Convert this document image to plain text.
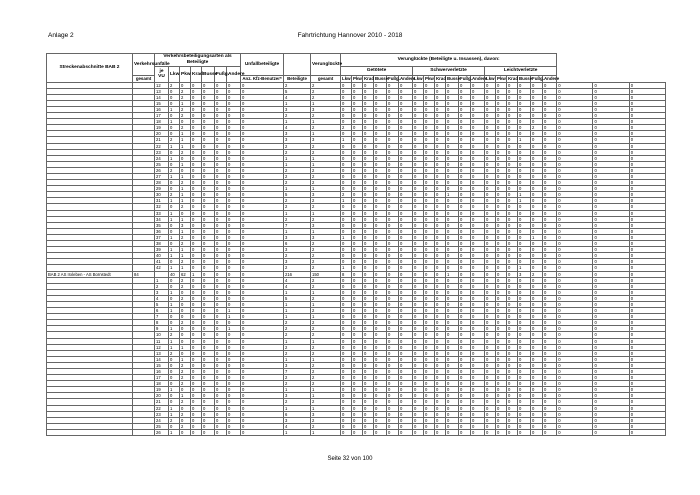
Anlage 2	Fahrtrichtung Hannover 2010 - 2018
Streckenabschnitte BAB 2	Verkehrsunfälle	Verkehrsbeteiligungsarten als Beteiligte							Unfallbeteiligte		Verunglückte	Verunglückte (Beteiligte u. Insassen), davon:																				
		je VU	Lkw	Pkw	Krad	Busse	Fußg.	Andere				Getötete						Schwerverletzte						Leichtverletzte								
	gesamt								Anz. Kfz-Benutzer*	Beteiligte	gesamt	Lkw	Pkw	Krad	Busse	Fußg.	Andere	Lkw	Pkw	Krad	Busse	Fußg.	Andere	Lkw	Pkw	Krad	Busse	Fußg.	Andere			
		12	2	0	0	0	0	0	0	2	2	0	0	0	0	0	0	0	0	0	0	0	0	0	0	0	0	0	0		0	0	0
		13	0	2	0	0	0	0	0	5	2	0	0	0	0	0	0	0	0	0	0	0	0	0	0	0	0	0	0		0	0	0
		14	0	2	0	0	0	0	0	4	2	0	0	0	0	0	0	0	0	0	0	0	0	0	0	0	0	0	0		0	0	0
		15	0	1	0	0	0	0	0	1	1	0	0	0	0	0	0	0	0	0	0	0	0	0	0	0	0	0	0		0	0	0
		16	1	2	0	0	0	0	0	3	3	0	0	0	0	0	0	0	0	0	0	0	0	0	0	0	0	0	0		0	0	0
		17	0	2	0	0	0	0	0	2	2	0	0	0	0	0	0	0	0	0	0	0	0	0	0	0	0	0	0		0	0	0
		18	1	0	0	0	0	0	0	1	1	0	0	0	0	0	0	0	0	0	0	0	0	0	0	0	0	0	0		0	0	0
		19	0	2	0	0	0	0	0	4	2	2	0	0	0	0	0	0	0	0	0	0	0	0	0	0	0	2	0		0	0	0
		20	0	1	0	0	0	0	0	3	1	0	0	0	0	0	0	0	0	0	0	0	0	0	0	0	0	0	0		0	0	0
		21	2	1	0	0	0	0	0	3	3	1	0	0	0	0	0	0	0	0	0	0	0	0	0	0	1	0	0		0	0	0
		22	1	1	0	0	0	0	0	2	2	0	0	0	0	0	0	0	0	0	0	0	0	0	0	0	0	0	0		0	0	0
		23	0	2	0	0	0	0	0	2	2	0	0	0	0	0	0	0	0	0	0	0	0	0	0	0	0	0	0		0	0	0
		24	1	0	0	0	0	0	0	1	1	0	0	0	0	0	0	0	0	0	0	0	0	0	0	0	0	0	0		0	0	0
		25	0	1	0	0	0	0	0	1	1	0	0	0	0	0	0	0	0	0	0	0	0	0	0	0	0	0	0		0	0	0
		26	2	0	0	0	0	0	0	2	2	0	0	0	0	0	0	0	0	0	0	0	0	0	0	0	0	0	0		0	0	0
		27	1	1	0	0	0	0	0	2	2	0	0	0	0	0	0	0	0	0	0	0	0	0	0	0	0	0	0		0	0	0
		28	0	2	0	0	0	0	0	2	2	0	0	0	0	0	0	0	0	0	0	0	0	0	0	0	0	0	0		0	0	0
		29	0	1	0	0	0	0	0	1	1	0	0	0	0	0	0	0	0	0	0	0	0	0	0	0	0	0	0		0	0	0
		30	2	1	0	0	0	0	0	5	3	2	0	0	0	0	0	0	0	0	1	0	0	0	0	0	1	0	0		0	0	0
		31	1	1	0	0	0	0	0	2	2	1	0	0	0	0	0	0	0	0	0	0	0	0	0	0	1	0	0		0	0	0
		32	0	2	0	0	0	0	0	2	2	0	0	0	0	0	0	0	0	0	0	0	0	0	0	0	0	0	0		0	0	0
		33	1	0	0	0	0	0	0	1	1	0	0	0	0	0	0	0	0	0	0	0	0	0	0	0	0	0	0		0	0	0
		34	1	1	0	0	0	0	0	2	2	0	0	0	0	0	0	0	0	0	0	0	0	0	0	0	0	0	0		0	0	0
		35	0	3	0	0	0	0	0	7	3	0	0	0	0	0	0	0	0	0	0	0	0	0	0	0	0	0	0		0	0	0
		36	0	1	0	0	0	0	0	1	1	0	0	0	0	0	0	0	0	0	0	0	0	0	0	0	0	0	0		0	0	0
		37	1	2	0	0	0	0	0	3	3	1	0	0	0	0	0	0	0	0	0	0	0	0	0	0	0	1	0		0	0	0
		38	0	2	0	0	0	0	0	6	2	0	0	0	0	0	0	0	0	0	0	0	0	0	0	0	0	0	0		0	0	0
		39	1	1	0	0	0	0	0	3	2	0	0	0	0	0	0	0	0	0	0	0	0	0	0	0	0	0	0		0	0	0
		40	1	1	0	0	0	0	0	2	2	0	0	0	0	0	0	0	0	0	0	0	0	0	0	0	0	0	0		0	0	0
		41	0	2	0	0	0	0	0	3	2	0	0	0	0	0	0	0	0	0	0	0	0	0	0	0	0	0	0		0	0	0
		42	1	1	0	0	0	0	0	2	2	1	0	0	0	0	0	0	0	0	0	0	0	0	0	0	1	0	0		0	0	0
BAB 2 AS Irxleben - AS Bornstedt	84		40	62	1	0	0	0	0	216	150	8	0	0	0	0	0	0	0	0	1	0	0	0	0	0	3	2	0		0	0	0
		1	0	2	0	0	0	0	0	4	2	0	0	0	0	0	0	0	0	0	0	0	0	0	0	0	0	0	0		0	0	0
		2	0	2	0	0	0	0	0	4	2	0	0	0	0	0	0	0	0	0	0	0	0	0	0	0	0	0	0		0	0	0
		3	1	0	0	0	0	0	0	1	1	0	0	0	0	0	0	0	0	0	0	0	0	0	0	0	0	0	0		0	0	0
		4	0	2	0	0	0	0	0	5	2	0	0	0	0	0	0	0	0	0	0	0	0	0	0	0	0	0	0		0	0	0
		5	1	0	0	0	0	0	0	1	1	0	0	0	0	0	0	0	0	0	0	0	0	0	0	0	0	0	0		0	0	0
		6	1	0	0	0	0	1	0	1	2	0	0	0	0	0	0	0	0	0	0	0	0	0	0	0	0	0	0		0	0	0
		7	0	0	0	0	0	1	0	1	1	0	0	0	0	0	0	0	0	0	0	0	0	0	0	0	0	0	0		0	0	0
		8	0	2	0	0	0	0	0	2	2	0	0	0	0	0	0	0	0	0	0	0	0	0	0	0	0	0	0		0	0	0
		9	1	0	0	0	0	1	0	2	2	0	0	0	0	0	0	0	0	0	0	0	0	0	0	0	0	0	0		0	0	0
		10	2	0	0	0	0	0	0	2	2	0	0	0	0	0	0	0	0	0	0	0	0	0	0	0	0	0	0		0	0	0
		11	1	0	0	0	0	0	0	1	1	0	0	0	0	0	0	0	0	0	0	0	0	0	0	0	0	0	0		0	0	0
		12	1	1	0	0	0	0	0	2	2	0	0	0	0	0	0	0	0	0	0	0	0	0	0	0	0	0	0		0	0	0
		13	2	0	0	0	0	0	0	2	2	0	0	0	0	0	0	0	0	0	0	0	0	0	0	0	0	0	0		0	0	0
		14	0	1	0	0	0	0	0	1	1	0	0	0	0	0	0	0	0	0	0	0	0	0	0	0	0	0	0		0	0	0
		15	0	2	0	0	0	0	0	3	2	0	0	0	0	0	0	0	0	0	0	0	0	0	0	0	0	0	0		0	0	0
		16	0	2	0	0	0	0	0	7	2	0	0	0	0	0	0	0	0	0	0	0	0	0	0	0	0	0	0		0	0	0
		17	0	2	0	0	0	0	0	2	2	0	0	0	0	0	0	0	0	0	0	0	0	0	0	0	0	0	0		0	0	0
		18	0	2	0	0	0	0	0	2	2	0	0	0	0	0	0	0	0	0	0	0	0	0	0	0	0	0	0		0	0	0
		19	1	0	0	0	0	0	0	1	1	0	0	0	0	0	0	0	0	0	0	0	0	0	0	0	0	0	0		0	0	0
		20	0	1	0	0	0	0	0	3	1	0	0	0	0	0	0	0	0	0	0	0	0	0	0	0	0	0	0		0	0	0
		21	0	2	0	0	0	0	0	2	2	0	0	0	0	0	0	0	0	0	0	0	0	0	0	0	0	0	0		0	0	0
		22	1	0	0	0	0	0	0	1	1	0	0	0	0	0	0	0	0	0	0	0	0	0	0	0	0	0	0		0	0	0
		23	1	2	0	0	0	0	0	6	3	0	0	0	0	0	0	0	0	0	0	0	0	0	0	0	0	0	0		0	0	0
		24	2	0	0	0	0	0	0	3	2	0	0	0	0	0	0	0	0	0	0	0	0	0	0	0	0	0	0		0	0	0
		25	0	2	0	0	0	0	0	4	2	0	0	0	0	0	0	0	0	0	0	0	0	0	0	0	0	0	0		0	0	0
		26	1	0	0	0	0	0	0	1	1	0	0	0	0	0	0	0	0	0	0	0	0	0	0	0	0	0	0		0	0	0
Seite 32 von 100
